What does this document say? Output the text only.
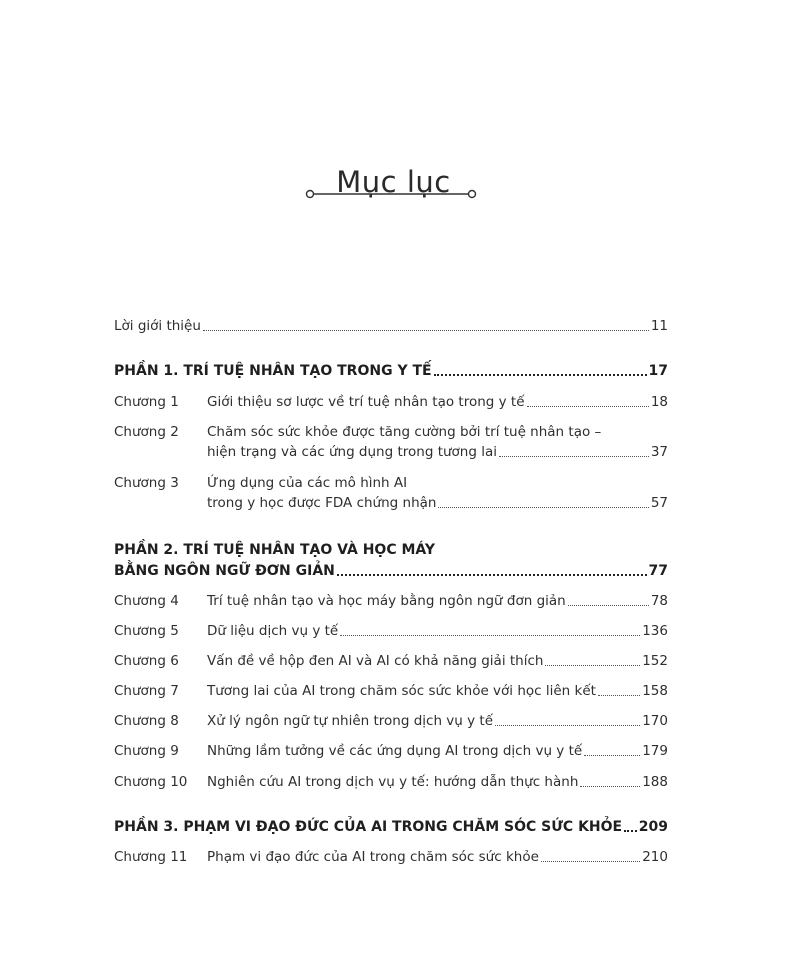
Mục lục
Lời giới thiệu	11
PHẦN 1. TRÍ TUỆ NHÂN TẠO TRONG Y TẾ	17
Chương 1	Giới thiệu sơ lược về trí tuệ nhân tạo trong y tế	18
Chương 2 Chăm sóc sức khỏe được tăng cường bởi trí tuệ nhân tạo –
hiện trạng và các ứng dụng trong tương lai	37
Chương 3 Ứng dụng của các mô hình AI
trong y học được FDA chứng nhận	57
PHẦN 2. TRÍ TUỆ NHÂN TẠO VÀ HỌC MÁY
BẰNG NGÔN NGỮ ĐƠN GIẢN	77
Chương 4	Trí tuệ nhân tạo và học máy bằng ngôn ngữ đơn giản	78
Chương 5	Dữ liệu dịch vụ y tế	136
Chương 6	Vấn đề về hộp đen AI và AI có khả năng giải thích	152
Chương 7	Tương lai của AI trong chăm sóc sức khỏe với học liên kết	158
Chương 8	Xử lý ngôn ngữ tự nhiên trong dịch vụ y tế	170
Chương 9	Những lầm tưởng về các ứng dụng AI trong dịch vụ y tế	179
Chương 10	Nghiên cứu AI trong dịch vụ y tế: hướng dẫn thực hành	188
PHẦN 3. PHẠM VI ĐẠO ĐỨC CỦA AI TRONG CHĂM SÓC SỨC KHỎE 209
Chương 11	Phạm vi đạo đức của AI trong chăm sóc sức khỏe	210
